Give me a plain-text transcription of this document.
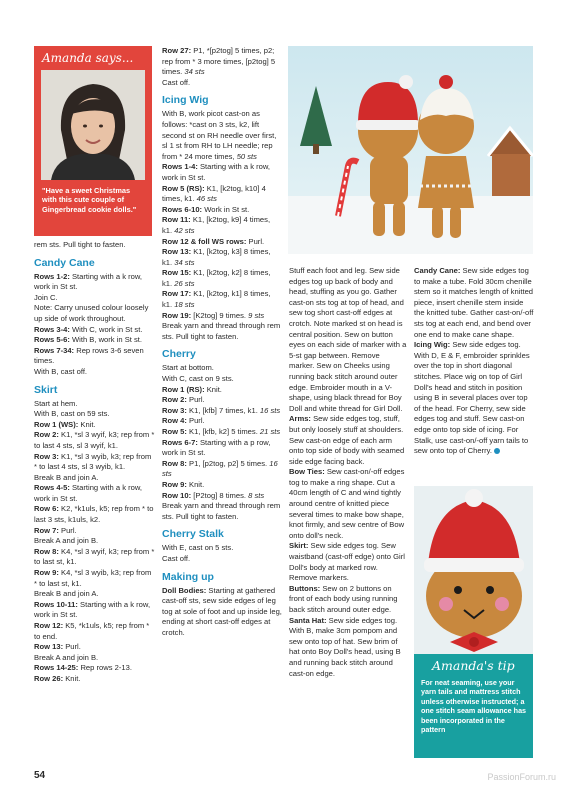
Amanda says...
"Have a sweet Christmas with this cute couple of Gingerbread cookie dolls."

rem sts. Pull tight to fasten.

Candy Cane

Rows 1-2: Starting with a k row, work in St st.

Join C.

Note: Carry unused colour loosely up side of work throughout.

Rows 3-4: With C, work in St st.

Rows 5-6: With B, work in St st.

Rows 7-34: Rep rows 3-6 seven times.

With B, cast off.

Skirt

Start at hem.

With B, cast on 59 sts.

Row 1 (WS): Knit.

Row 2: K1, *sl 3 wyif, k3; rep from * to last 4 sts, sl 3 wyif, k1.

Row 3: K1, *sl 3 wyib, k3; rep from * to last 4 sts, sl 3 wyib, k1.

Break B and join A.

Rows 4-5: Starting with a k row, work in St st.

Row 6: K2, *k1uls, k5; rep from * to last 3 sts, k1uls, k2.

Row 7: Purl.

Break A and join B.

Row 8: K4, *sl 3 wyif, k3; rep from * to last st, k1.

Row 9: K4, *sl 3 wyib, k3; rep from * to last st, k1.

Break B and join A.

Rows 10-11: Starting with a k row, work in St st.

Row 12: K5, *k1uls, k5; rep from * to end.

Row 13: Purl.

Break A and join B.

Rows 14-25: Rep rows 2-13.

Row 26: Knit.

Row 27: P1, *[p2tog] 5 times, p2; rep from * 3 more times, [p2tog] 5 times. 34 sts

Cast off.

Icing Wig

With B, work picot cast-on as follows: *cast on 3 sts, k2, lift second st on RH needle over first, sl 1 st from RH to LH needle; rep from * 24 more times, 50 sts

Rows 1-4: Starting with a k row, work in St st.

Row 5 (RS): K1, [k2tog, k10] 4 times, k1. 46 sts

Rows 6-10: Work in St st.

Row 11: K1, [k2tog, k9] 4 times, k1. 42 sts

Row 12 & foll WS rows: Purl.

Row 13: K1, [k2tog, k3] 8 times, k1. 34 sts

Row 15: K1, [k2tog, k2] 8 times, k1. 26 sts

Row 17: K1, [k2tog, k1] 8 times, k1. 18 sts

Row 19: [K2tog] 9 times. 9 sts

Break yarn and thread through rem sts. Pull tight to fasten.

Cherry

Start at bottom.

With C, cast on 9 sts.

Row 1 (RS): Knit.

Row 2: Purl.

Row 3: K1, [kfb] 7 times, k1. 16 sts

Row 4: Purl.

Row 5: K1, [kfb, k2] 5 times. 21 sts

Rows 6-7: Starting with a p row, work in St st.

Row 8: P1, [p2tog, p2] 5 times. 16 sts

Row 9: Knit.

Row 10: [P2tog] 8 times. 8 sts

Break yarn and thread through rem sts. Pull tight to fasten.

Cherry Stalk

With E, cast on 5 sts.

Cast off.

Making up

Doll Bodies: Starting at gathered cast-off sts, sew side edges of leg tog at sole of foot and up inside leg, ending at short cast-off edges at crotch.

Stuff each foot and leg. Sew side edges tog up back of body and head, stuffing as you go. Gather cast-on sts tog at top of head, and sew tog short cast-off edges at crotch. Note marked st on head is central position. Sew on button eyes on each side of marker with a 5-st gap between. Remove marker. Sew on Cheeks using running back stitch around outer edge. Embroider mouth in a V-shape, using black thread for Boy Doll and white thread for Girl Doll.

Arms: Sew side edges tog, stuff, but only loosely stuff at shoulders. Sew cast-on edge of each arm onto top side of body with seamed side edge facing back.

Bow Ties: Sew cast-on/-off edges tog to make a ring shape. Cut a 40cm length of C and wind tightly around centre of knitted piece several times to make bow shape, knot firmly, and sew centre of Bow onto doll's neck.

Skirt: Sew side edges tog. Sew waistband (cast-off edge) onto Girl Doll's body at marked row. Remove markers.

Buttons: Sew on 2 buttons on front of each body using running back stitch around outer edge.

Santa Hat: Sew side edges tog. With B, make 3cm pompom and sew onto top of hat. Sew brim of hat onto Boy Doll's head, using B and running back stitch around cast-on edge.

Candy Cane: Sew side edges tog to make a tube. Fold 30cm chenille stem so it matches length of knitted piece, insert chenille stem inside the knitted tube. Gather cast-on/-off sts tog at each end, and bend over one end to make cane shape.

Icing Wig: Sew side edges tog. With D, E & F, embroider sprinkles over the top in short diagonal stitches. Place wig on top of Girl Doll's head and stitch in position using B in several places over top of the head. For Cherry, sew side edges tog and stuff. Sew cast-on edge onto top side of icing. For Stalk, use cast-on/-off yarn tails to sew onto top of Cherry.

Amanda's tip
For neat seaming, use your yarn tails and mattress stitch unless otherwise instructed; a one stitch seam allowance has been incorporated in the pattern
54	PassionForum.ru
